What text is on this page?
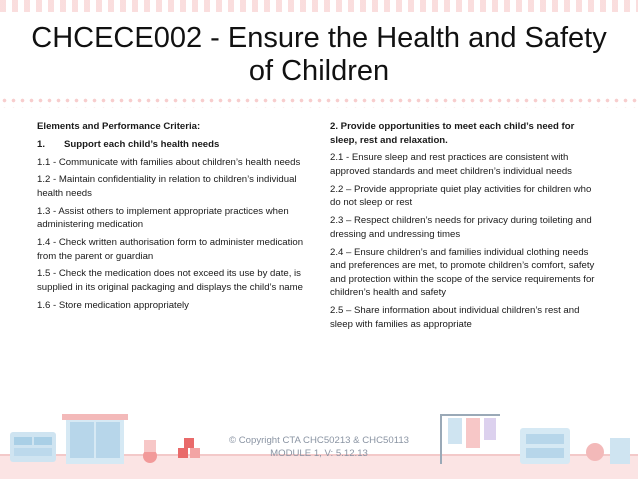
CHCECE002 - Ensure the Health and Safety of Children

Elements and Performance Criteria:

1. Support each child’s health needs

1.1 - Communicate with families about children’s health needs

1.2 - Maintain confidentiality in relation to children’s individual health needs

1.3 - Assist others to implement appropriate practices when administering medication

1.4 - Check written authorisation form to administer medication from the parent or guardian

1.5 - Check the medication does not exceed its use by date, is supplied in its original packaging and displays the child’s name

1.6 - Store medication appropriately

2. Provide opportunities to meet each child’s need for sleep, rest and relaxation.

2.1 - Ensure sleep and rest practices are consistent with approved standards and meet children’s individual needs

2.2 – Provide appropriate quiet play activities for children who do not sleep or rest

2.3 – Respect children’s needs for privacy during toileting and dressing and undressing times

2.4 – Ensure children’s and families individual clothing needs and preferences are met, to promote children’s comfort, safety and protection within the scope of the service requirements for children’s health and safety

2.5 – Share information about individual children’s rest and sleep with families as appropriate

© Copyright CTA CHC50213 & CHC50113 MODULE 1, V: 5.12.13
